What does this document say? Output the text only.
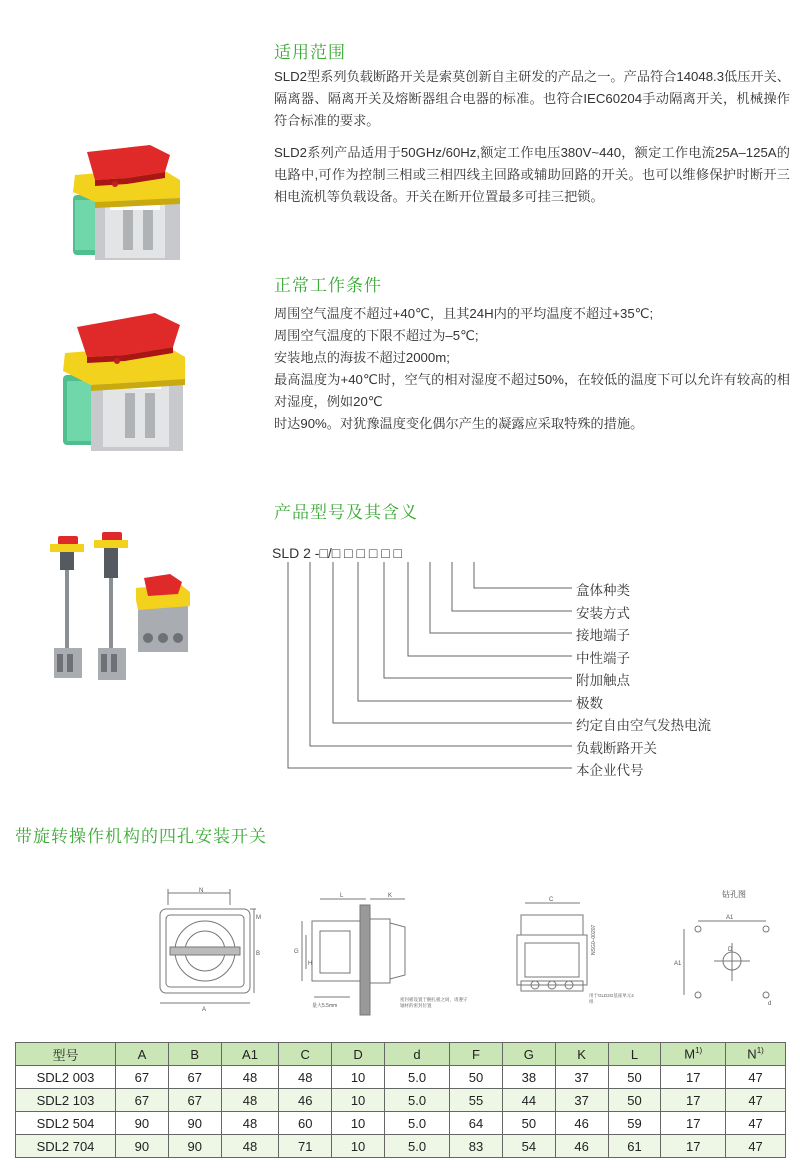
适用范围

SLD2型系列负载断路开关是索莫创新自主研发的产品之一。产品符合14048.3低压开关、隔离器、隔离开关及熔断器组合电器的标准。也符合IEC60204手动隔离开关，机械操作符合标准的要求。

SLD2系列产品适用于50GHz/60Hz,额定工作电压380V~440，额定工作电流25A–125A的电路中,可作为控制三相或三相四线主回路或辅助回路的开关。也可以维修保护时断开三相电流机等负载设备。开关在断开位置最多可挂三把锁。

正常工作条件
周围空气温度不超过+40℃，且其24H内的平均温度不超过+35℃;
周围空气温度的下限不超过为–5℃;
安装地点的海拔不超过2000m;
最高温度为+40℃时，空气的相对湿度不超过50%，在较低的温度下可以允许有较高的相对湿度，例如20℃
时达90%。对犹豫温度变化偶尔产生的凝露应采取特殊的措施。
产品型号及其含义
SLD 2 -□/□ □ □ □ □ □
盒体种类
安装方式
接地端子
中性端子
附加触点
极数
约定自由空气发热电流
负载断路开关
本企业代号
带旋转操作机构的四孔安装开关
N
M
B
A
L	K
G
H
量大5.5mm
密封板设置于捆扎板之间，请遵守轴材的密封位置
C
NSG0–00207
用于GLD2G基座单元4组
钻孔图
A1
A1
D
d
型号	A	B	A1	C	D	d	F	G	K	L	$M^{1)}$	$N^{1)}$
SDL2 003	67	67	48	48	10	5.0	50	38	37	50	17	47
SDL2 103	67	67	48	46	10	5.0	55	44	37	50	17	47
SDL2 504	90	90	48	60	10	5.0	64	50	46	59	17	47
SDL2 704	90	90	48	71	10	5.0	83	54	46	61	17	47
